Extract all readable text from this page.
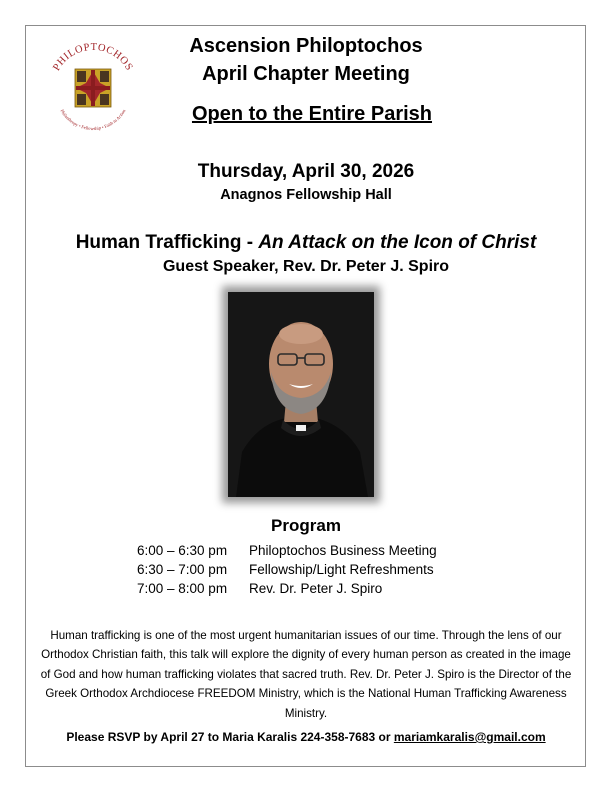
PHILOPTOCHOS
Philanthropy • Fellowship • Faith in Action
Ascension Philoptochos
April Chapter Meeting
Open to the Entire Parish
Thursday, April 30, 2026
Anagnos Fellowship Hall
Human Trafficking - An Attack on the Icon of Christ
Guest Speaker, Rev. Dr. Peter J. Spiro
Program
6:00 – 6:30 pm Philoptochos Business Meeting
6:30 – 7:00 pm Fellowship/Light Refreshments
7:00 – 8:00 pm Rev. Dr. Peter J. Spiro
Human trafficking is one of the most urgent humanitarian issues of our time. Through the lens of our Orthodox Christian faith, this talk will explore the dignity of every human person as created in the image of God and how human trafficking violates that sacred truth. Rev. Dr. Peter J. Spiro is the Director of the Greek Orthodox Archdiocese FREEDOM Ministry, which is the National Human Trafficking Awareness Ministry.
Please RSVP by April 27 to Maria Karalis 224-358-7683 or mariamkaralis@gmail.com
